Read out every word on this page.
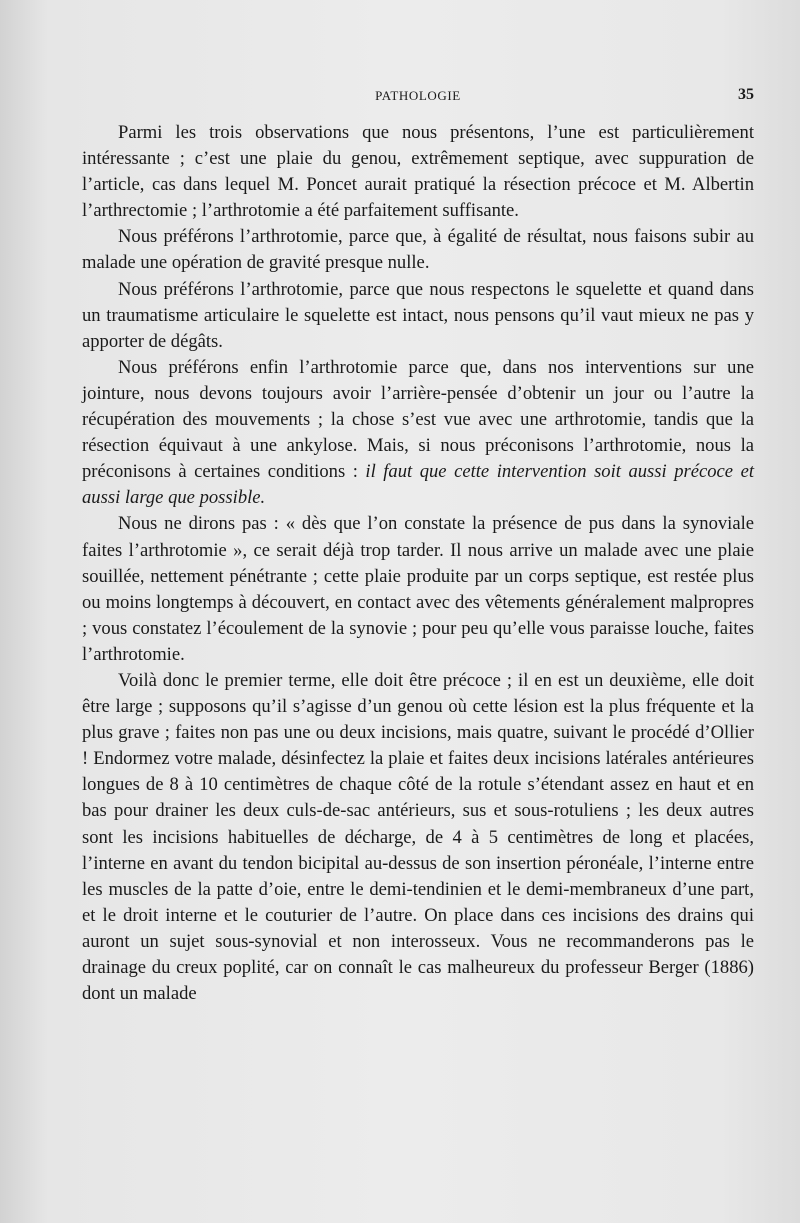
PATHOLOGIE	35

Parmi les trois observations que nous présentons, l’une est particulièrement intéressante ; c’est une plaie du genou, extrêmement septique, avec suppuration de l’article, cas dans lequel M. Poncet aurait pratiqué la résection précoce et M. Albertin l’arthrectomie ; l’arthrotomie a été parfaitement suffisante.

Nous préférons l’arthrotomie, parce que, à égalité de résultat, nous faisons subir au malade une opération de gravité presque nulle.

Nous préférons l’arthrotomie, parce que nous respectons le squelette et quand dans un traumatisme articulaire le squelette est intact, nous pensons qu’il vaut mieux ne pas y apporter de dégâts.

Nous préférons enfin l’arthrotomie parce que, dans nos interventions sur une jointure, nous devons toujours avoir l’arrière-pensée d’obtenir un jour ou l’autre la récupération des mouvements ; la chose s’est vue avec une arthrotomie, tandis que la résection équivaut à une ankylose. Mais, si nous préconisons l’arthrotomie, nous la préconisons à certaines conditions : il faut que cette intervention soit aussi précoce et aussi large que possible.

Nous ne dirons pas : « dès que l’on constate la présence de pus dans la synoviale faites l’arthrotomie », ce serait déjà trop tarder. Il nous arrive un malade avec une plaie souillée, nettement pénétrante ; cette plaie produite par un corps septique, est restée plus ou moins longtemps à découvert, en contact avec des vêtements généralement malpropres ; vous constatez l’écoulement de la synovie ; pour peu qu’elle vous paraisse louche, faites l’arthrotomie.

Voilà donc le premier terme, elle doit être précoce ; il en est un deuxième, elle doit être large ; supposons qu’il s’agisse d’un genou où cette lésion est la plus fréquente et la plus grave ; faites non pas une ou deux incisions, mais quatre, suivant le procédé d’Ollier ! Endormez votre malade, désinfectez la plaie et faites deux incisions latérales antérieures longues de 8 à 10 centimètres de chaque côté de la rotule s’étendant assez en haut et en bas pour drainer les deux culs-de-sac antérieurs, sus et sous-rotuliens ; les deux autres sont les incisions habituelles de décharge, de 4 à 5 centimètres de long et placées, l’interne en avant du tendon bicipital au-dessus de son insertion péronéale, l’interne entre les muscles de la patte d’oie, entre le demi-tendinien et le demi-membraneux d’une part, et le droit interne et le couturier de l’autre. On place dans ces incisions des drains qui auront un sujet sous-synovial et non interosseux. Vous ne recommanderons pas le drainage du creux poplité, car on connaît le cas malheureux du professeur Berger (1886) dont un malade
